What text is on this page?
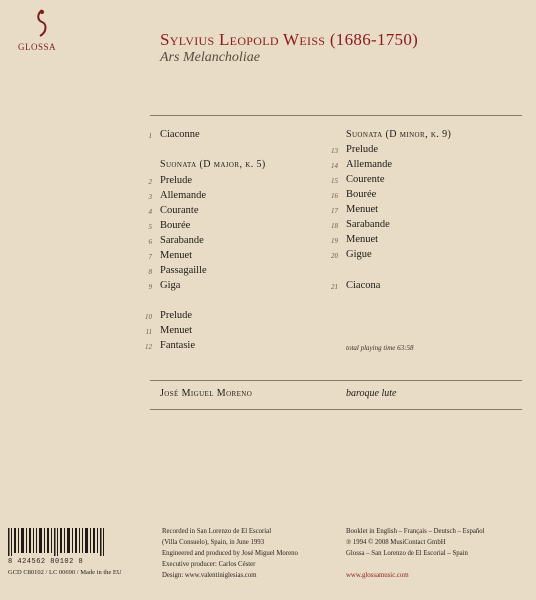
GLOSSA	Sylvius Leopold Weiss (1686-1750)
Ars Melancholiae
Suonata (D major, k. 5)
1 Ciaconne
2 Prelude
3 Allemande
4 Courante
5 Bourée
6 Sarabande
7 Menuet
8 Passagaille
9 Giga
10 Prelude
11 Menuet
12 Fantasie
Suonata (D minor, k. 9)
13 Prelude
14 Allemande
15 Courente
16 Bourée
17 Menuet
18 Sarabande
19 Menuet
20 Gigue
21 Ciacona
total playing time 63:58
José Miguel Moreno	baroque lute
8 424562 80102 8
GCD C80102 / LC 00690 / Made in the EU
Recorded in San Lorenzo de El Escorial
(Villa Consuelo), Spain, in June 1993
Engineered and produced by José Miguel Moreno
Executive producer: Carlos Céster
Design: www.valentiniglesias.com
Booklet in English – Français – Deutsch – Español
℗ 1994 © 2008 MusiContact GmbH
Glossa – San Lorenzo de El Escorial – Spain
www.glossamusic.com
